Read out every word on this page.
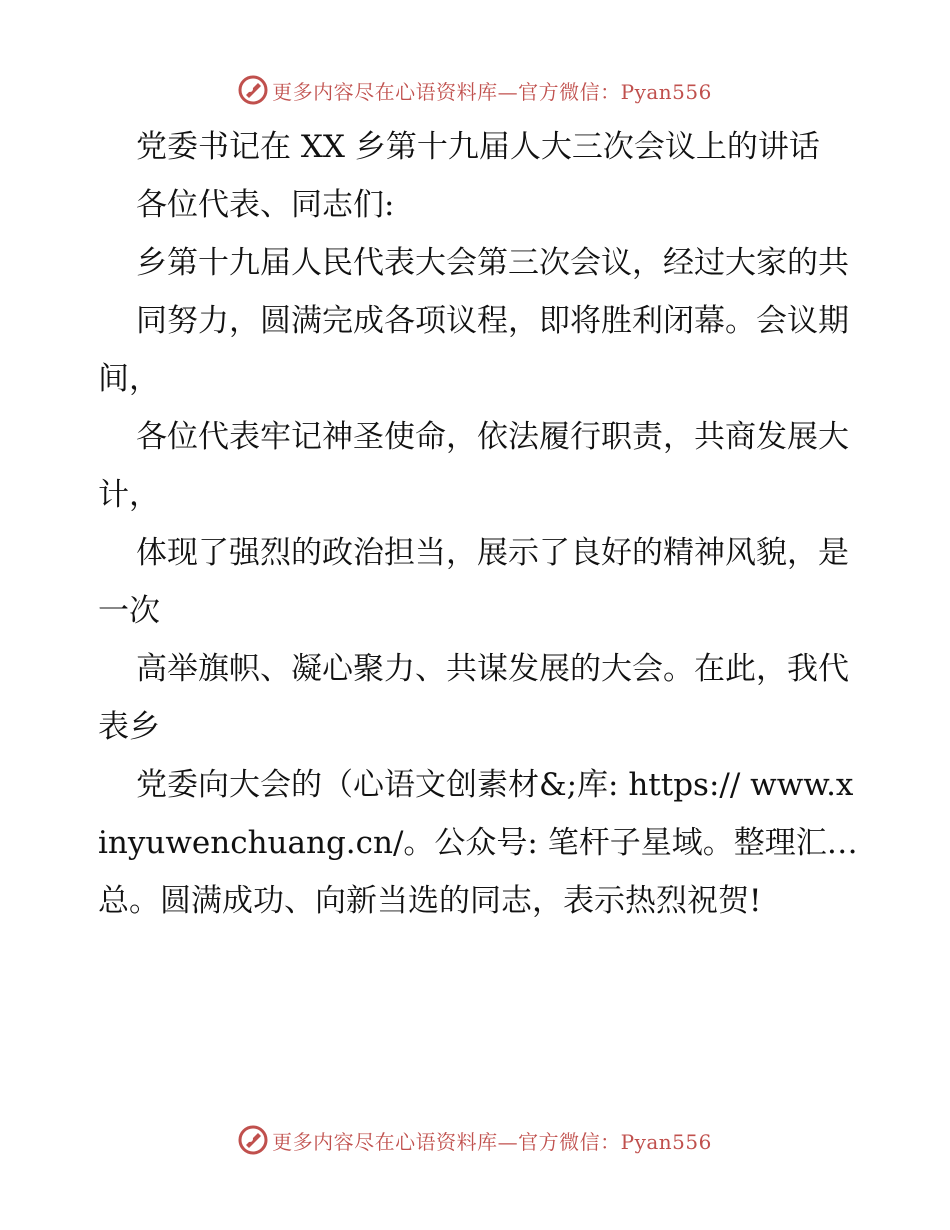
更多内容尽在心语资料库—官方微信：Pyan556

党委书记在 XX 乡第十九届人大三次会议上的讲话

各位代表、同志们:

乡第十九届人民代表大会第三次会议，经过大家的共

同努力，圆满完成各项议程，即将胜利闭幕。会议期间，

各位代表牢记神圣使命，依法履行职责，共商发展大计，

体现了强烈的政治担当，展示了良好的精神风貌，是一次

高举旗帜、凝心聚力、共谋发展的大会。在此，我代表乡

党委向大会的（心语文创素材&;库: https:// www.xinyuwenchuang.cn/。公众号: 笔杆子星域。整理汇…总。圆满成功、向新当选的同志，表示热烈祝贺!

更多内容尽在心语资料库—官方微信：Pyan556
